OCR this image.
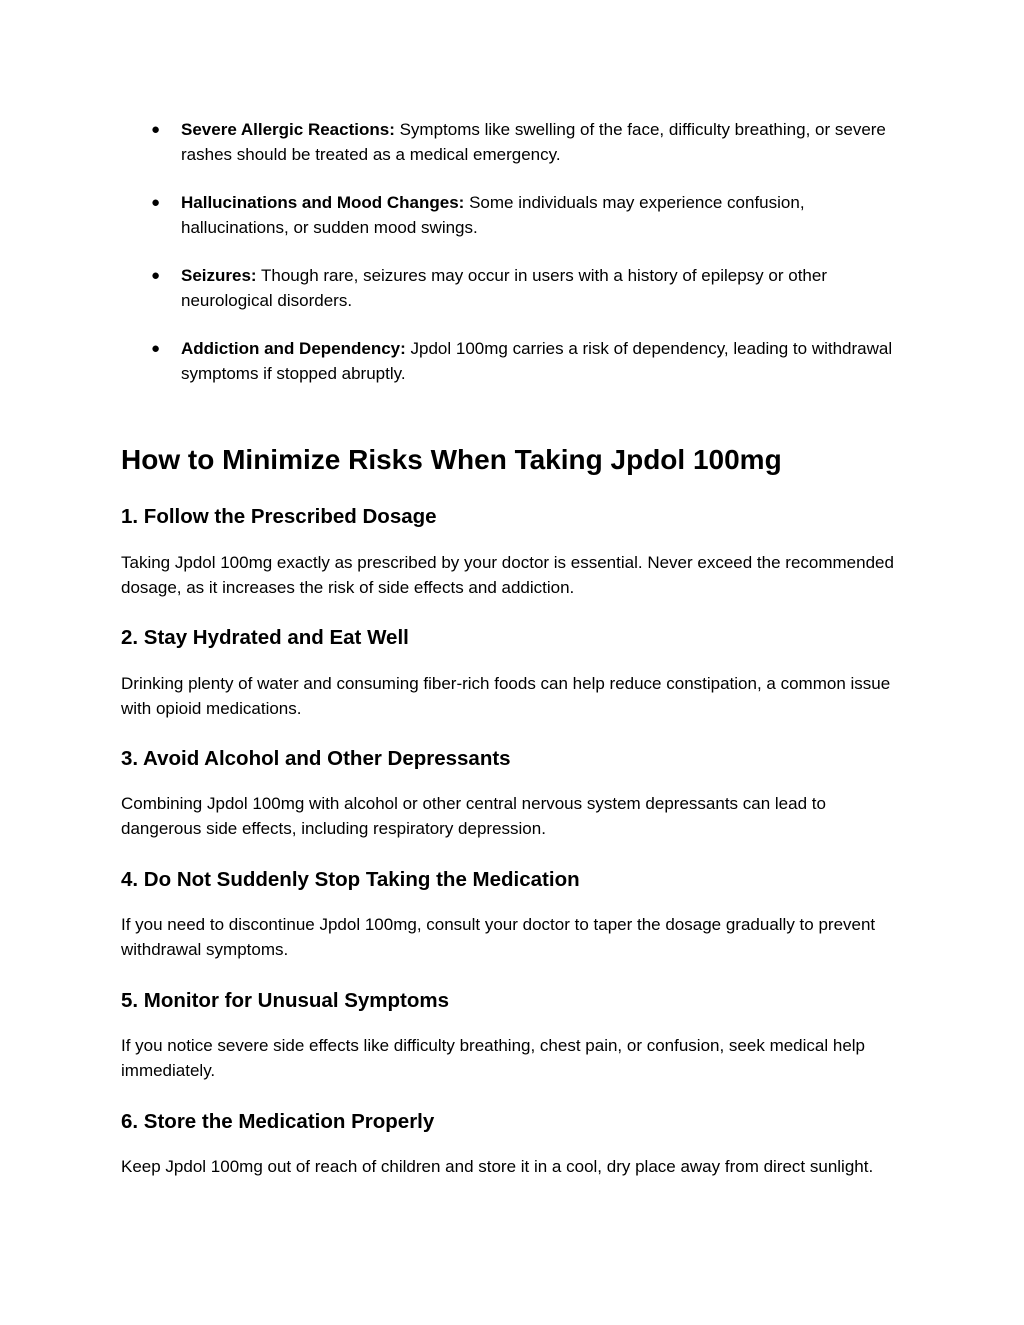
● Severe Allergic Reactions: Symptoms like swelling of the face, difficulty breathing, or severe rashes should be treated as a medical emergency.
● Hallucinations and Mood Changes: Some individuals may experience confusion, hallucinations, or sudden mood swings.
● Seizures: Though rare, seizures may occur in users with a history of epilepsy or other neurological disorders.
● Addiction and Dependency: Jpdol 100mg carries a risk of dependency, leading to withdrawal symptoms if stopped abruptly.
How to Minimize Risks When Taking Jpdol 100mg
1. Follow the Prescribed Dosage

Taking Jpdol 100mg exactly as prescribed by your doctor is essential. Never exceed the recommended dosage, as it increases the risk of side effects and addiction.

2. Stay Hydrated and Eat Well

Drinking plenty of water and consuming fiber-rich foods can help reduce constipation, a common issue with opioid medications.

3. Avoid Alcohol and Other Depressants

Combining Jpdol 100mg with alcohol or other central nervous system depressants can lead to dangerous side effects, including respiratory depression.

4. Do Not Suddenly Stop Taking the Medication

If you need to discontinue Jpdol 100mg, consult your doctor to taper the dosage gradually to prevent withdrawal symptoms.

5. Monitor for Unusual Symptoms

If you notice severe side effects like difficulty breathing, chest pain, or confusion, seek medical help immediately.

6. Store the Medication Properly

Keep Jpdol 100mg out of reach of children and store it in a cool, dry place away from direct sunlight.
